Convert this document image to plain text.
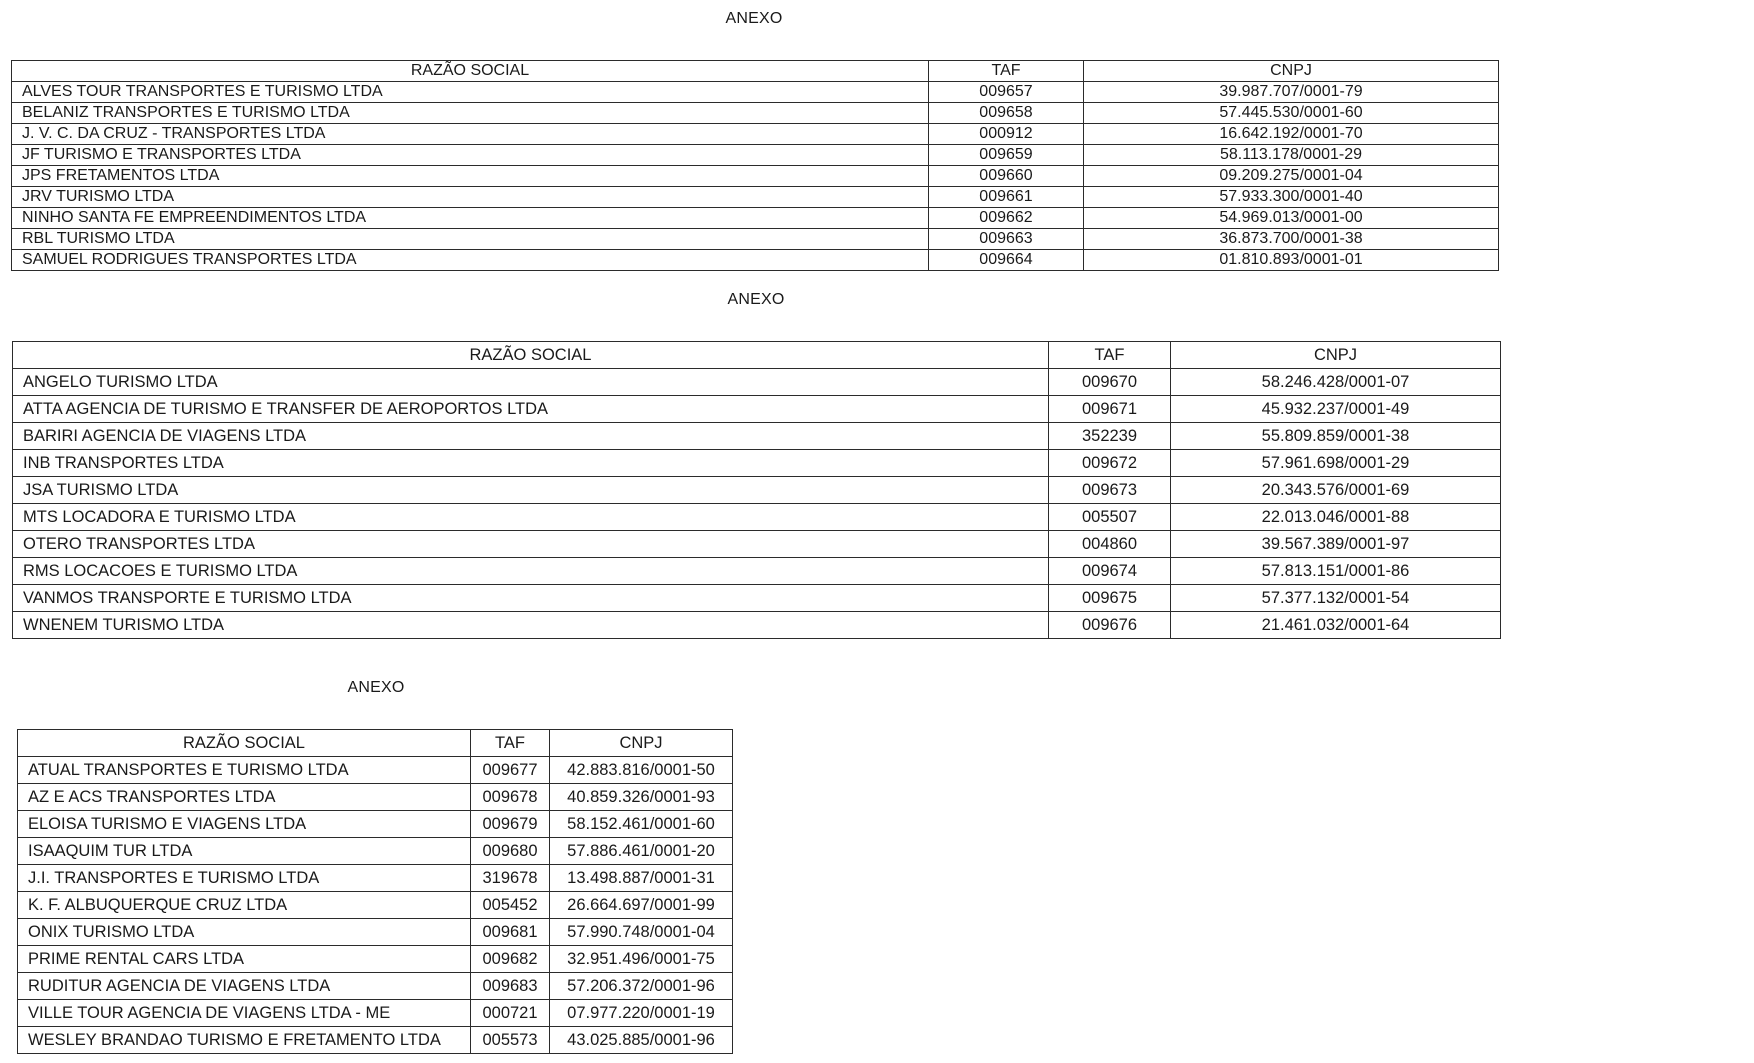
ANEXO
RAZÃO SOCIAL	TAF	CNPJ
ALVES TOUR TRANSPORTES E TURISMO LTDA	009657	39.987.707/0001-79
BELANIZ TRANSPORTES E TURISMO LTDA	009658	57.445.530/0001-60
J. V. C. DA CRUZ - TRANSPORTES LTDA	000912	16.642.192/0001-70
JF TURISMO E TRANSPORTES LTDA	009659	58.113.178/0001-29
JPS FRETAMENTOS LTDA	009660	09.209.275/0001-04
JRV TURISMO LTDA	009661	57.933.300/0001-40
NINHO SANTA FE EMPREENDIMENTOS LTDA	009662	54.969.013/0001-00
RBL TURISMO LTDA	009663	36.873.700/0001-38
SAMUEL RODRIGUES TRANSPORTES LTDA	009664	01.810.893/0001-01
ANEXO
RAZÃO SOCIAL	TAF	CNPJ
ANGELO TURISMO LTDA	009670	58.246.428/0001-07
ATTA AGENCIA DE TURISMO E TRANSFER DE AEROPORTOS LTDA	009671	45.932.237/0001-49
BARIRI AGENCIA DE VIAGENS LTDA	352239	55.809.859/0001-38
INB TRANSPORTES LTDA	009672	57.961.698/0001-29
JSA TURISMO LTDA	009673	20.343.576/0001-69
MTS LOCADORA E TURISMO LTDA	005507	22.013.046/0001-88
OTERO TRANSPORTES LTDA	004860	39.567.389/0001-97
RMS LOCACOES E TURISMO LTDA	009674	57.813.151/0001-86
VANMOS TRANSPORTE E TURISMO LTDA	009675	57.377.132/0001-54
WNENEM TURISMO LTDA	009676	21.461.032/0001-64
ANEXO
RAZÃO SOCIAL	TAF	CNPJ
ATUAL TRANSPORTES E TURISMO LTDA	009677	42.883.816/0001-50
AZ E ACS TRANSPORTES LTDA	009678	40.859.326/0001-93
ELOISA TURISMO E VIAGENS LTDA	009679	58.152.461/0001-60
ISAAQUIM TUR LTDA	009680	57.886.461/0001-20
J.I. TRANSPORTES E TURISMO LTDA	319678	13.498.887/0001-31
K. F. ALBUQUERQUE CRUZ LTDA	005452	26.664.697/0001-99
ONIX TURISMO LTDA	009681	57.990.748/0001-04
PRIME RENTAL CARS LTDA	009682	32.951.496/0001-75
RUDITUR AGENCIA DE VIAGENS LTDA	009683	57.206.372/0001-96
VILLE TOUR AGENCIA DE VIAGENS LTDA - ME	000721	07.977.220/0001-19
WESLEY BRANDAO TURISMO E FRETAMENTO LTDA	005573	43.025.885/0001-96
